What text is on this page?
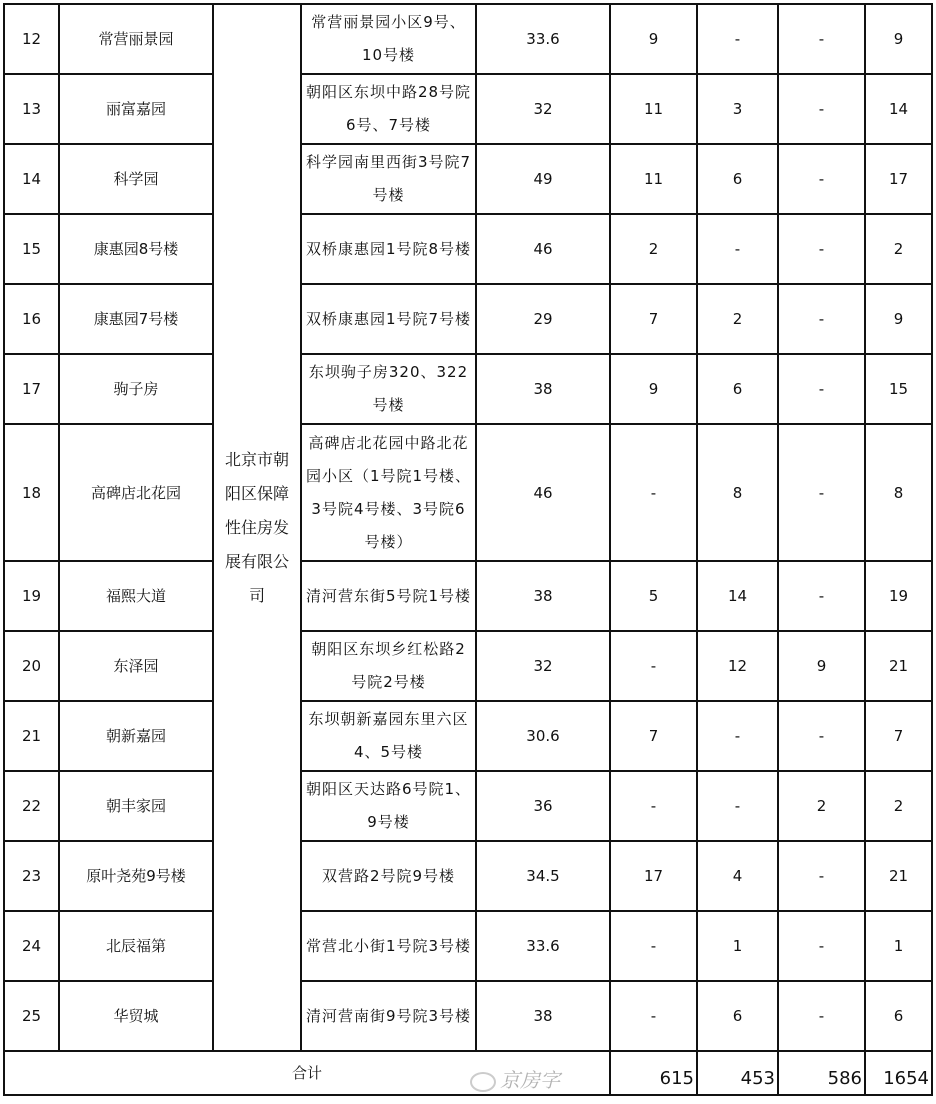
12	常营丽景园	北京市朝阳区保障性住房发展有限公司	常营丽景园小区9号、10号楼	33.6	9	-	-	9
13	丽富嘉园		朝阳区东坝中路28号院6号、7号楼	32	11	3	-	14
14	科学园		科学园南里西街3号院7号楼	49	11	6	-	17
15	康惠园8号楼		双桥康惠园1号院8号楼	46	2	-	-	2
16	康惠园7号楼		双桥康惠园1号院7号楼	29	7	2	-	9
17	驹子房		东坝驹子房320、322号楼	38	9	6	-	15
18	高碑店北花园		高碑店北花园中路北花园小区（1号院1号楼、3号院4号楼、3号院6号楼）	46	-	8	-	8
19	福熙大道		清河营东街5号院1号楼	38	5	14	-	19
20	东泽园		朝阳区东坝乡红松路2号院2号楼	32	-	12	9	21
21	朝新嘉园		东坝朝新嘉园东里六区4、5号楼	30.6	7	-	-	7
22	朝丰家园		朝阳区天达路6号院1、9号楼	36	-	-	2	2
23	原叶尧苑9号楼		双营路2号院9号楼	34.5	17	4	-	21
24	北辰福第		常营北小街1号院3号楼	33.6	-	1	-	1
25	华贸城		清河营南街9号院3号楼	38	-	6	-	6
合计					615	453	586	1654
京房字
